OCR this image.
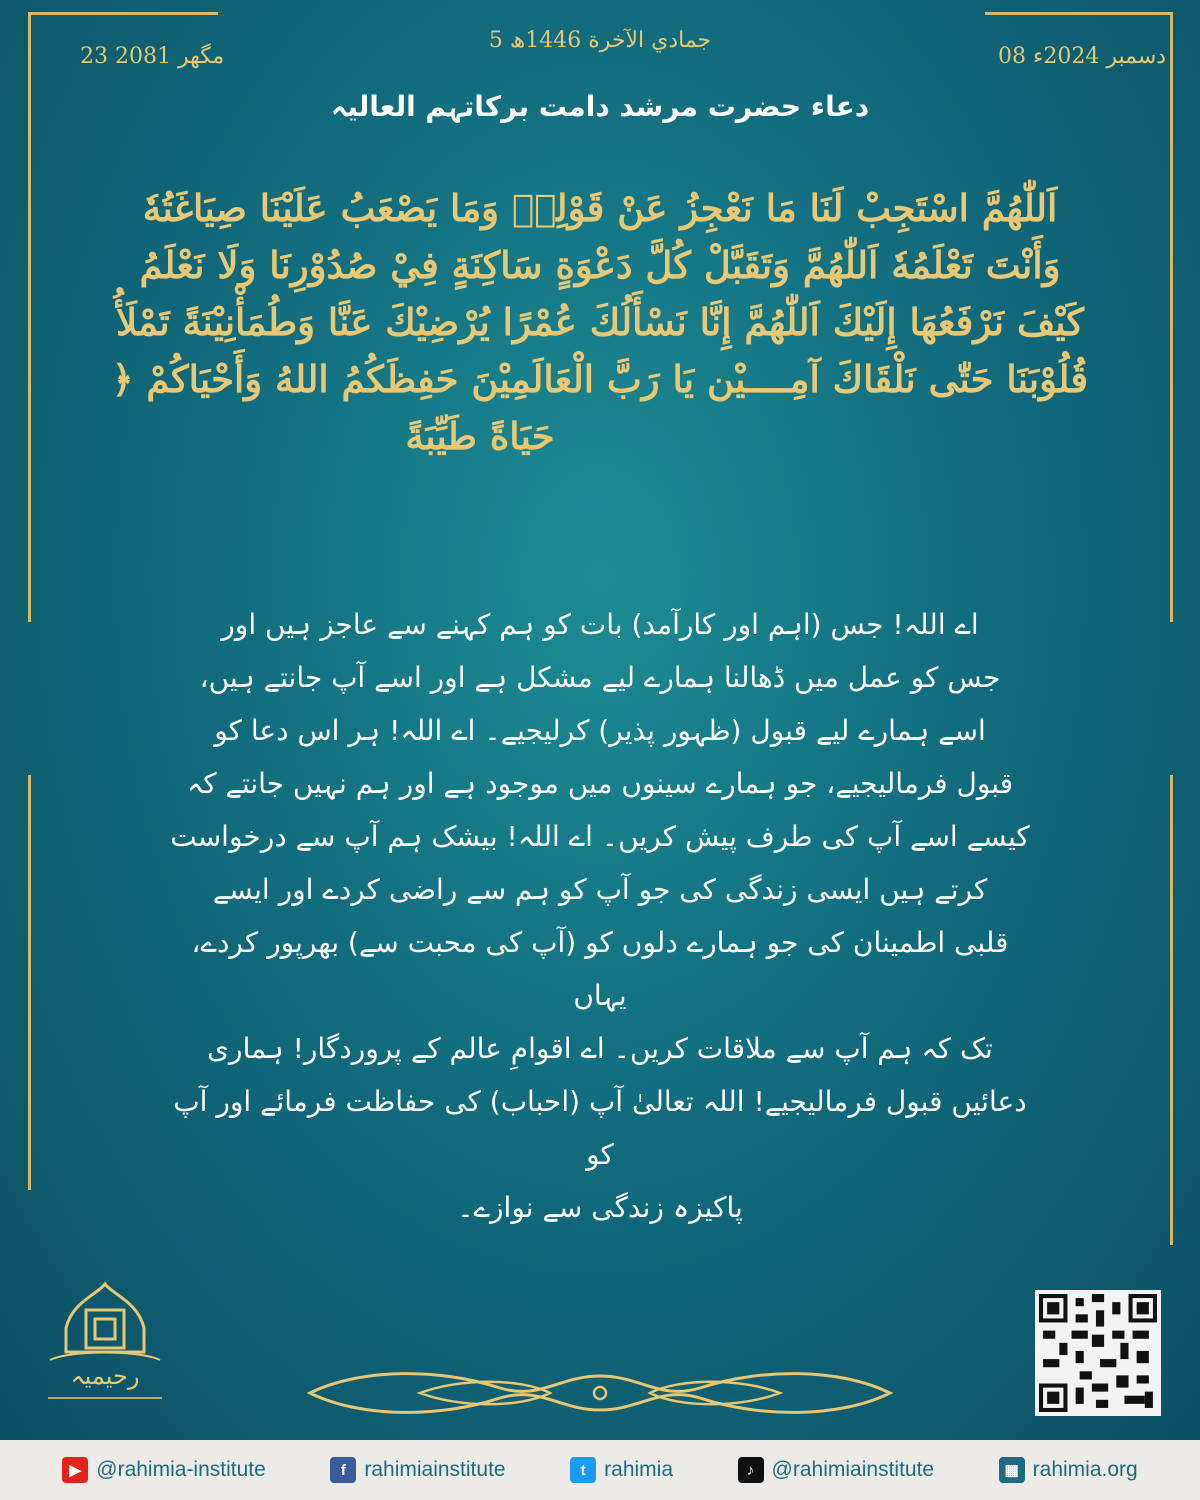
5 جمادي الآخرة 1446ھ
08 دسمبر 2024ء
23 مگھر 2081
دعاء حضرت مرشد دامت برکاتہم العالیہ
اَللّٰهُمَّ اسْتَجِبْ لَنَا مَا نَعْجِزُ عَنْ قَوْلِهٖ وَمَا يَصْعَبُ عَلَيْنَا صِيَاغَتُهٗ
وَأَنْتَ تَعْلَمُهٗ اَللّٰهُمَّ وَتَقَبَّلْ كُلَّ دَعْوَةٍ سَاكِنَةٍ فِيْ صُدُوْرِنَا وَلَا نَعْلَمُ
كَيْفَ نَرْفَعُهَا إِلَيْكَ اَللّٰهُمَّ إِنَّا نَسْأَلُكَ عُمْرًا يُرْضِيْكَ عَنَّا وَطُمَأْنِيْنَةً تَمْلَأُ
قُلُوْبَنَا حَتّٰى نَلْقَاكَ آمِــــيْن يَا رَبَّ الْعَالَمِيْنَ حَفِظَكُمُ اللهُ وَأَحْيَاكُمْ ﴿
حَيَاةً طَيِّبَةً
اے اللہ! جس (اہم اور کارآمد) بات کو ہم کہنے سے عاجز ہیں اور
جس کو عمل میں ڈھالنا ہمارے لیے مشکل ہے اور اسے آپ جانتے ہیں،
اسے ہمارے لیے قبول (ظہور پذیر) کرلیجیے۔ اے اللہ! ہر اس دعا کو
قبول فرمالیجیے، جو ہمارے سینوں میں موجود ہے اور ہم نہیں جانتے کہ
کیسے اسے آپ کی طرف پیش کریں۔ اے اللہ! بیشک ہم آپ سے درخواست
کرتے ہیں ایسی زندگی کی جو آپ کو ہم سے راضی کردے اور ایسے
قلبی اطمینان کی جو ہمارے دلوں کو (آپ کی محبت سے) بھرپور کردے، یہاں
تک کہ ہم آپ سے ملاقات کریں۔ اے اقوامِ عالم کے پروردگار! ہماری
دعائیں قبول فرمالیجیے! اللہ تعالیٰ آپ (احباب) کی حفاظت فرمائے اور آپ کو
پاکیزہ زندگی سے نوازے۔
رحیمیہ
▶ @rahimia-institute	f rahimiainstitute	t rahimia	♪ @rahimiainstitute	▦ rahimia.org
